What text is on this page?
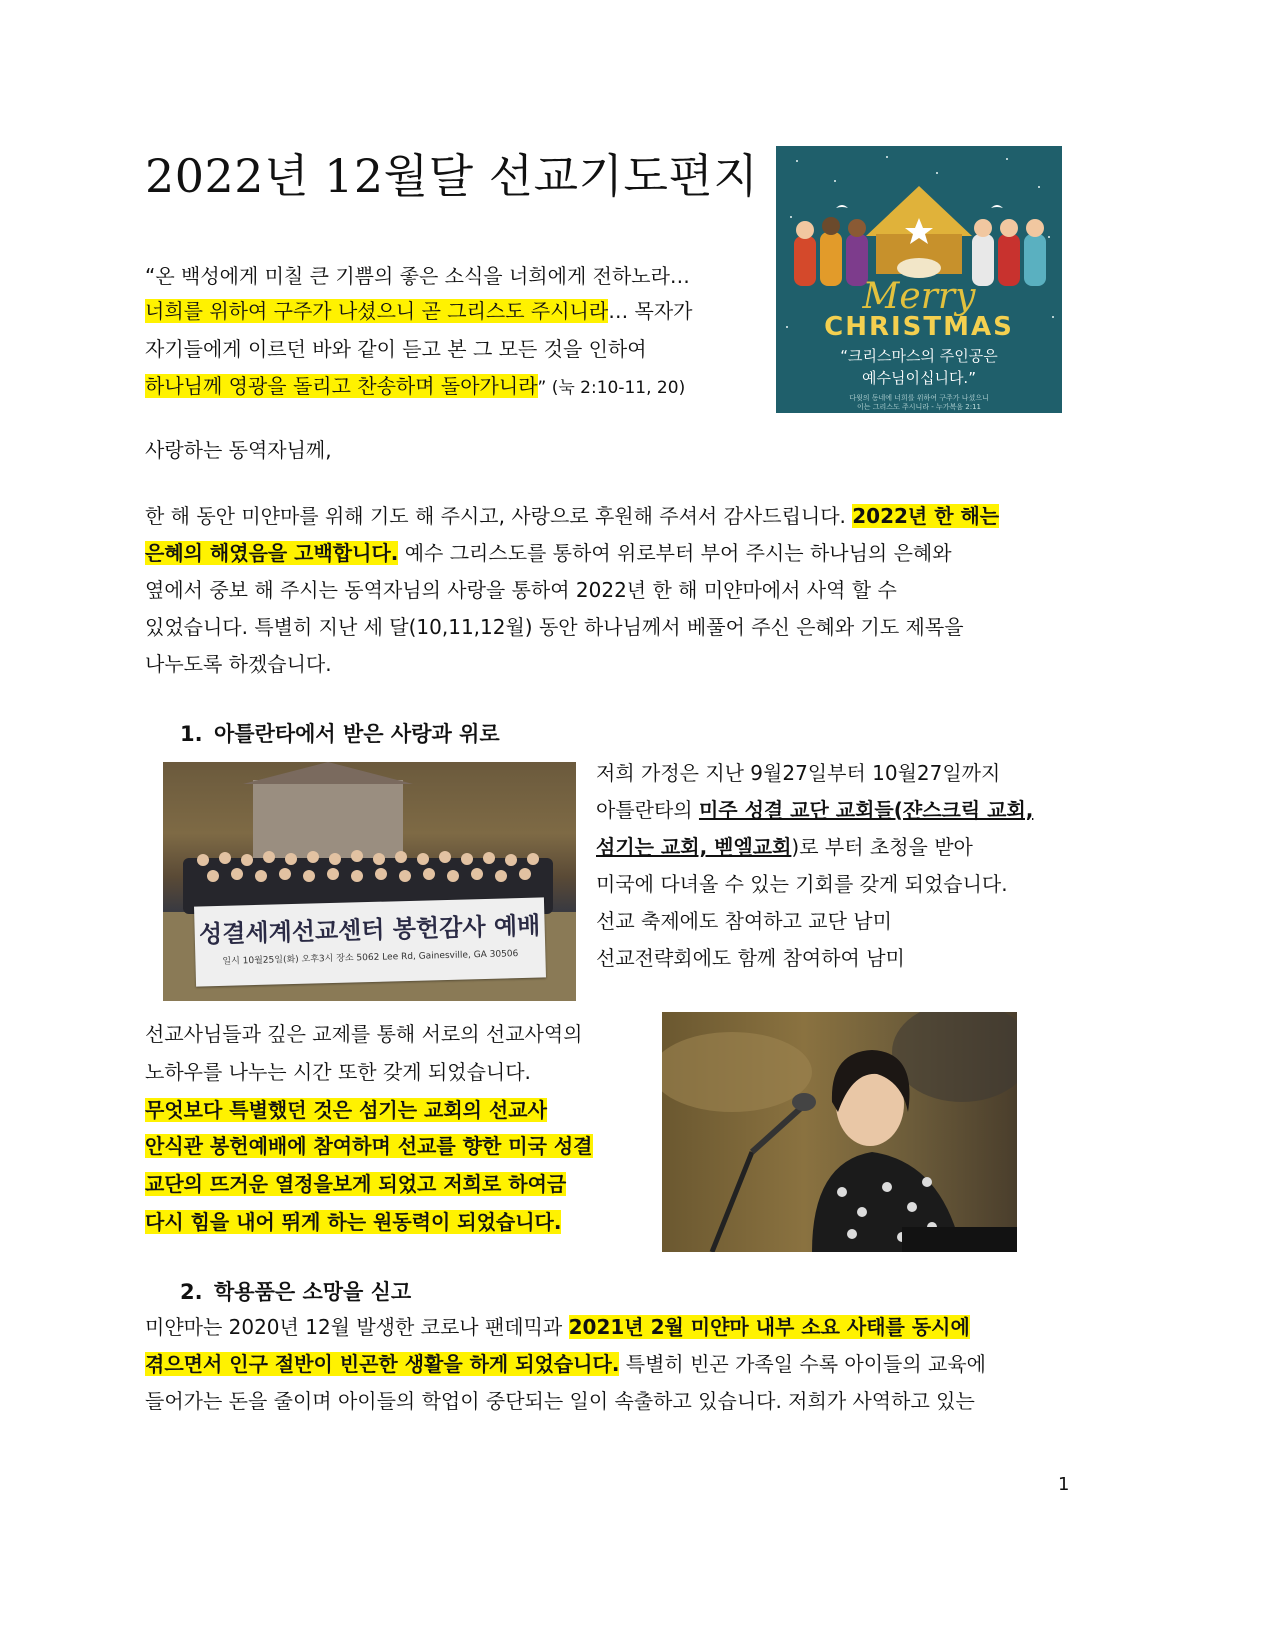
2022년 12월달 선교기도편지
Merry
CHRISTMAS
“크리스마스의 주인공은
예수님이십니다.”
다윗의 동네에 너희를 위하여 구주가 나셨으니
이는 그리스도 주시니라 - 누가복음 2:11
“온 백성에게 미칠 큰 기쁨의 좋은 소식을 너희에게 전하노라…
너희를 위하여 구주가 나셨으니 곧 그리스도 주시니라… 목자가
자기들에게 이르던 바와 같이 듣고 본 그 모든 것을 인하여
하나님께 영광을 돌리고 찬송하며 돌아가니라” (눅 2:10-11, 20)
사랑하는 동역자님께,
한 해 동안 미얀마를 위해 기도 해 주시고, 사랑으로 후원해 주셔서 감사드립니다. 2022년 한 해는
은혜의 해였음을 고백합니다. 예수 그리스도를 통하여 위로부터 부어 주시는 하나님의 은혜와
옆에서 중보 해 주시는 동역자님의 사랑을 통하여 2022년 한 해 미얀마에서 사역 할 수
있었습니다. 특별히 지난 세 달(10,11,12월) 동안 하나님께서 베풀어 주신 은혜와 기도 제목을
나누도록 하겠습니다.
1. 아틀란타에서 받은 사랑과 위로
성결세계선교센터 봉헌감사 예배
일시 10월25일(화) 오후3시 장소 5062 Lee Rd, Gainesville, GA 30506
저희 가정은 지난 9월27일부터 10월27일까지
아틀란타의 미주 성결 교단 교회들(쟌스크릭 교회,
섬기는 교회, 벧엘교회)로 부터 초청을 받아
미국에 다녀올 수 있는 기회를 갖게 되었습니다.
선교 축제에도 참여하고 교단 남미
선교전략회에도 함께 참여하여 남미
선교사님들과 깊은 교제를 통해 서로의 선교사역의
노하우를 나누는 시간 또한 갖게 되었습니다.
무엇보다 특별했던 것은 섬기는 교회의 선교사
안식관 봉헌예배에 참여하며 선교를 향한 미국 성결
교단의 뜨거운 열정을보게 되었고 저희로 하여금
다시 힘을 내어 뛰게 하는 원동력이 되었습니다.
2. 학용품은 소망을 싣고
미얀마는 2020년 12월 발생한 코로나 팬데믹과 2021년 2월 미얀마 내부 소요 사태를 동시에
겪으면서 인구 절반이 빈곤한 생활을 하게 되었습니다. 특별히 빈곤 가족일 수록 아이들의 교육에
들어가는 돈을 줄이며 아이들의 학업이 중단되는 일이 속출하고 있습니다. 저희가 사역하고 있는
1
